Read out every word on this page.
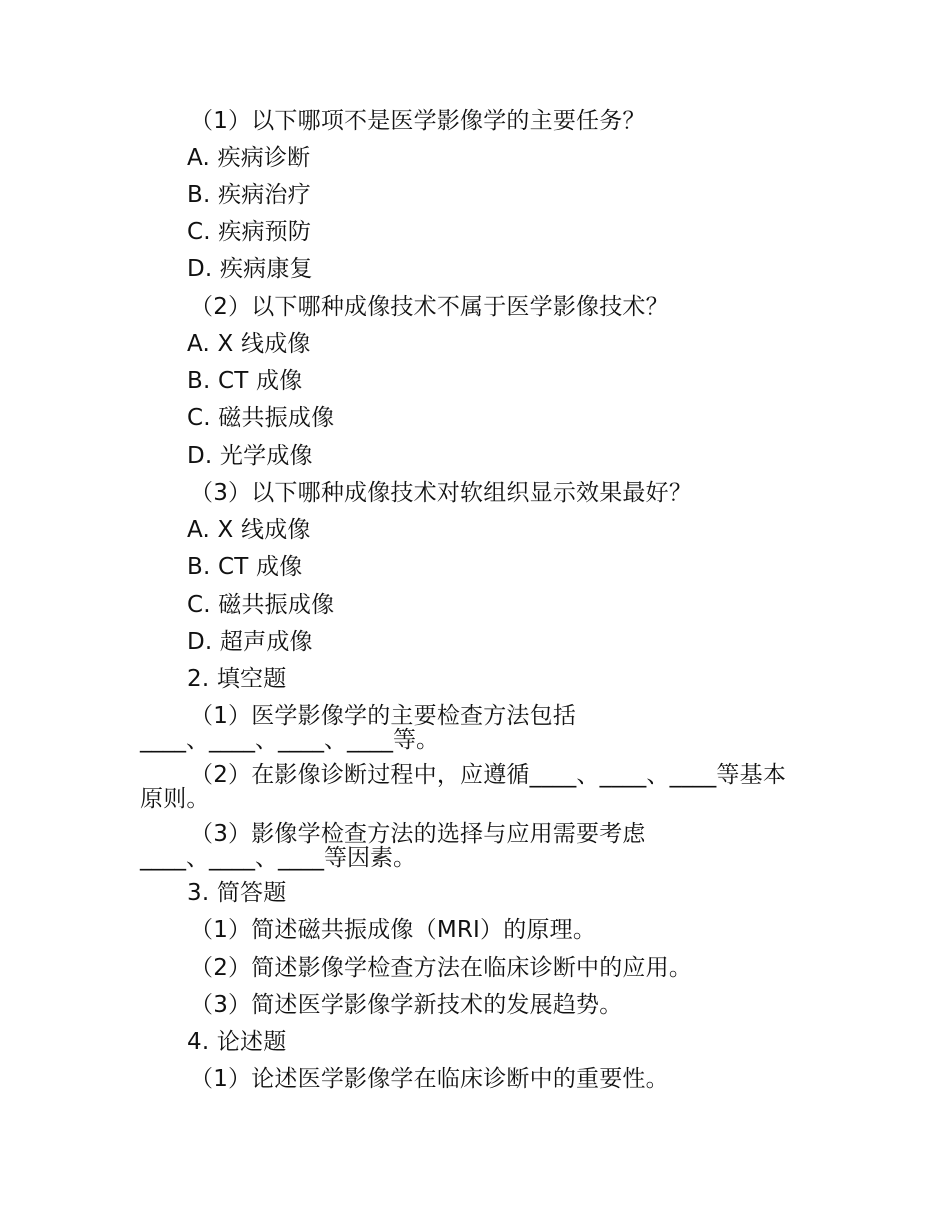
（1）以下哪项不是医学影像学的主要任务？
A. 疾病诊断
B. 疾病治疗
C. 疾病预防
D. 疾病康复
（2）以下哪种成像技术不属于医学影像技术？
A. X 线成像
B. CT 成像
C. 磁共振成像
D. 光学成像
（3）以下哪种成像技术对软组织显示效果最好？
A. X 线成像
B. CT 成像
C. 磁共振成像
D. 超声成像
2. 填空题
（1）医学影像学的主要检查方法包括
____、____、____、____等。
（2）在影像诊断过程中，应遵循____、____、____等基本
原则。
（3）影像学检查方法的选择与应用需要考虑
____、____、____等因素。
3. 简答题
（1）简述磁共振成像（MRI）的原理。
（2）简述影像学检查方法在临床诊断中的应用。
（3）简述医学影像学新技术的发展趋势。
4. 论述题
（1）论述医学影像学在临床诊断中的重要性。
